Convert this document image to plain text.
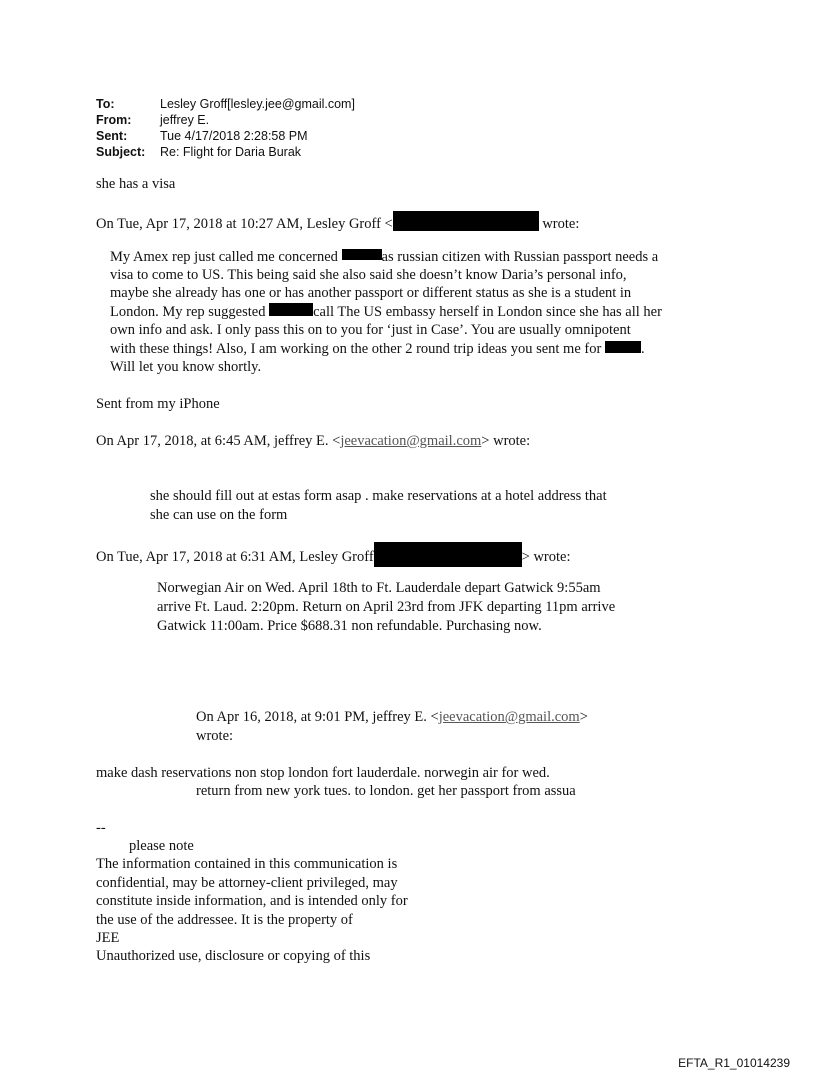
To:	Lesley Groff[lesley.jee@gmail.com]
From:	jeffrey E.
Sent:	Tue 4/17/2018 2:28:58 PM
Subject:	Re: Flight for Daria Burak
she has a visa
On Tue, Apr 17, 2018 at 10:27 AM, Lesley Groff <	wrote:
My Amex rep just called me concerned	as russian citizen with Russian passport needs a
visa to come to US. This being said she also said she doesn’t know Daria’s personal info,
maybe she already has one or has another passport or different status as she is a student in
London. My rep suggested	call The US embassy herself in London since she has all her
own info and ask. I only pass this on to you for ‘just in Case’. You are usually omnipotent
with these things! Also, I am working on the other 2 round trip ideas you sent me for	.
Will let you know shortly.
Sent from my iPhone
On Apr 17, 2018, at 6:45 AM, jeffrey E. <jeevacation@gmail.com> wrote:
she should fill out at estas form asap . make reservations at a hotel address that
she can use on the form
On Tue, Apr 17, 2018 at 6:31 AM, Lesley Groff	> wrote:
Norwegian Air on Wed. April 18th to Ft. Lauderdale depart Gatwick 9:55am
arrive Ft. Laud. 2:20pm. Return on April 23rd from JFK departing 11pm arrive
Gatwick 11:00am. Price $688.31 non refundable. Purchasing now.
On Apr 16, 2018, at 9:01 PM, jeffrey E. <jeevacation@gmail.com>
wrote:
make dash reservations non stop london fort lauderdale. norwegin air for wed.
return from new york tues. to london. get her passport from assua
--
please note
The information contained in this communication is
confidential, may be attorney-client privileged, may
constitute inside information, and is intended only for
the use of the addressee. It is the property of
JEE
Unauthorized use, disclosure or copying of this
EFTA_R1_01014239
